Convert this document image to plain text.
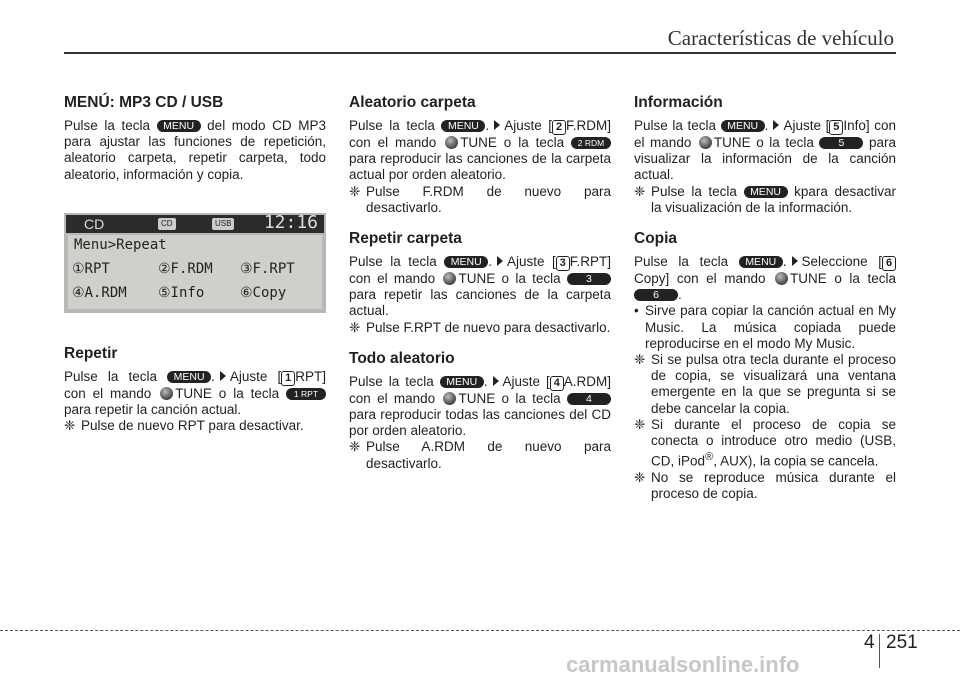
Características de vehículo
MENÚ: MP3 CD / USB

Pulse la tecla MENU del modo CD MP3 para ajustar las funciones de repetición, aleatorio carpeta, repetir carpeta, todo aleatorio, información y copia.

CD	CD	USB 12:16
Menu>Repeat
①RPT	②F.RDM ③F.RPT
④A.RDM ⑤Info	⑥Copy
Repetir

Pulse la tecla MENU . Ajuste [ 1 RPT] con el mando TUNE o la tecla 1 RPT para repetir la canción actual.

❈ Pulse de nuevo RPT para desactivar.
Aleatorio carpeta

Pulse la tecla MENU . Ajuste [ 2 F.RDM] con el mando TUNE o la tecla 2 RDM para reproducir las canciones de la carpeta actual por orden aleatorio.

❈ Pulse F.RDM de nuevo para desactivarlo.
Repetir carpeta

Pulse la tecla MENU . Ajuste [ 3 F.RPT] con el mando TUNE o la tecla 3 para repetir las canciones de la carpeta actual.

❈ Pulse F.RPT de nuevo para desactivarlo.
Todo aleatorio

Pulse la tecla MENU . Ajuste [ 4 A.RDM] con el mando TUNE o la tecla 4 para reproducir todas las canciones del CD por orden aleatorio.

❈ Pulse A.RDM de nuevo para desactivarlo.
Información

Pulse la tecla MENU . Ajuste [ 5 Info] con el mando TUNE o la tecla 5 para visualizar la información de la canción actual.

❈ Pulse la tecla MENU kpara desactivar la visualización de la información.
Copia

Pulse la tecla MENU . Seleccione [ 6Copy] con el mando TUNE o la tecla 6 .

• Sirve para copiar la canción actual en My Music. La música copiada puede reproducirse en el modo My Music.
❈ Si se pulsa otra tecla durante el proceso de copia, se visualizará una ventana emergente en la que se pregunta si se debe cancelar la copia.
❈ Si durante el proceso de copia se conecta o introduce otro medio (USB, CD, iPod®, AUX), la copia se cancela.
❈ No se reproduce música durante el proceso de copia.
4 251
carmanualsonline.info
